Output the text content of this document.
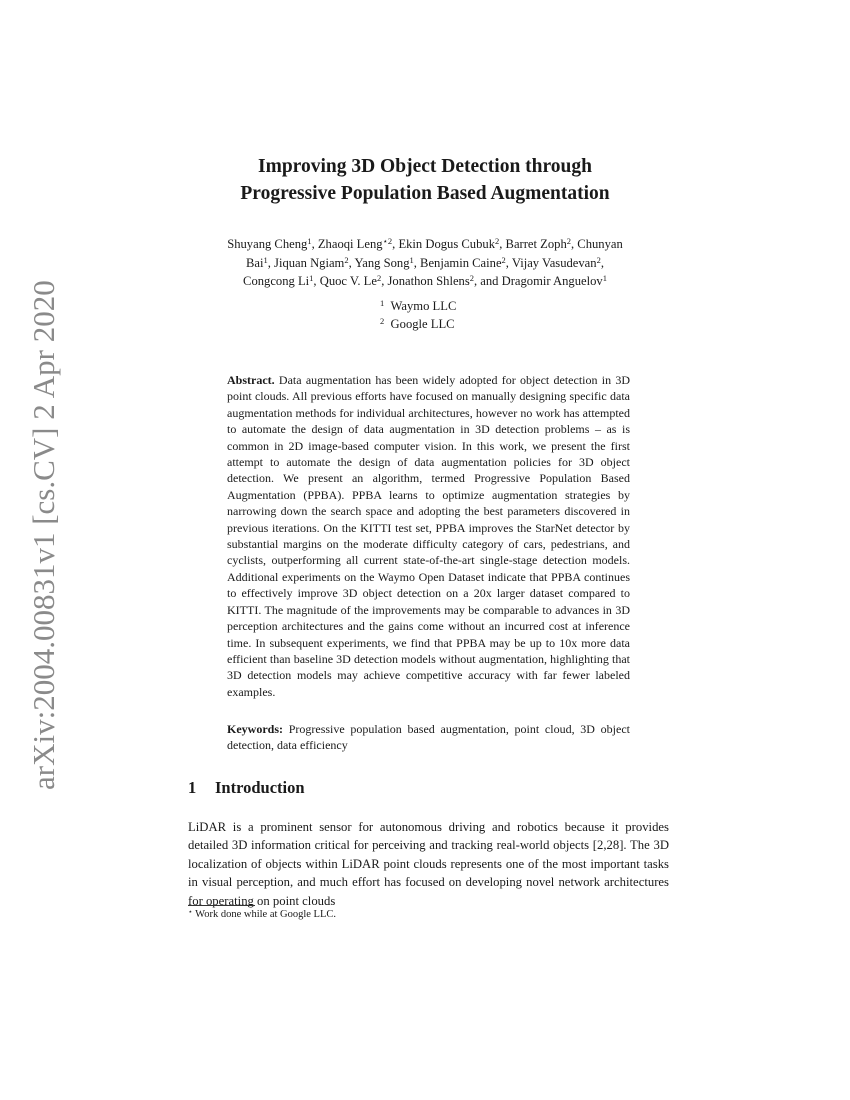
arXiv:2004.00831v1 [cs.CV] 2 Apr 2020
Improving 3D Object Detection through
Progressive Population Based Augmentation
Shuyang Cheng$^1$, Zhaoqi Leng$^{⋆2}$, Ekin Dogus Cubuk$^2$, Barret Zoph$^2$, Chunyan
Bai$^1$, Jiquan Ngiam$^2$, Yang Song$^1$, Benjamin Caine$^2$, Vijay Vasudevan$^2$,
Congcong Li$^1$, Quoc V. Le$^2$, Jonathon Shlens$^2$, and Dragomir Anguelov$^1$
$^1$ Waymo LLC
$^2$ Google LLC
Abstract. Data augmentation has been widely adopted for object detection in 3D point clouds. All previous efforts have focused on manually designing specific data augmentation methods for individual architectures, however no work has attempted to automate the design of data augmentation in 3D detection problems – as is common in 2D image-based computer vision. In this work, we present the first attempt to automate the design of data augmentation policies for 3D object detection. We present an algorithm, termed Progressive Population Based Augmentation (PPBA). PPBA learns to optimize augmentation strategies by narrowing down the search space and adopting the best parameters discovered in previous iterations. On the KITTI test set, PPBA improves the StarNet detector by substantial margins on the moderate difficulty category of cars, pedestrians, and cyclists, outperforming all current state-of-the-art single-stage detection models. Additional experiments on the Waymo Open Dataset indicate that PPBA continues to effectively improve 3D object detection on a 20x larger dataset compared to KITTI. The magnitude of the improvements may be comparable to advances in 3D perception architectures and the gains come without an incurred cost at inference time. In subsequent experiments, we find that PPBA may be up to 10x more data efficient than baseline 3D detection models without augmentation, highlighting that 3D detection models may achieve competitive accuracy with far fewer labeled examples.
Keywords: Progressive population based augmentation, point cloud, 3D object detection, data efficiency
1 Introduction
LiDAR is a prominent sensor for autonomous driving and robotics because it provides detailed 3D information critical for perceiving and tracking real-world objects [2,28]. The 3D localization of objects within LiDAR point clouds represents one of the most important tasks in visual perception, and much effort has focused on developing novel network architectures for operating on point clouds
⋆ Work done while at Google LLC.
